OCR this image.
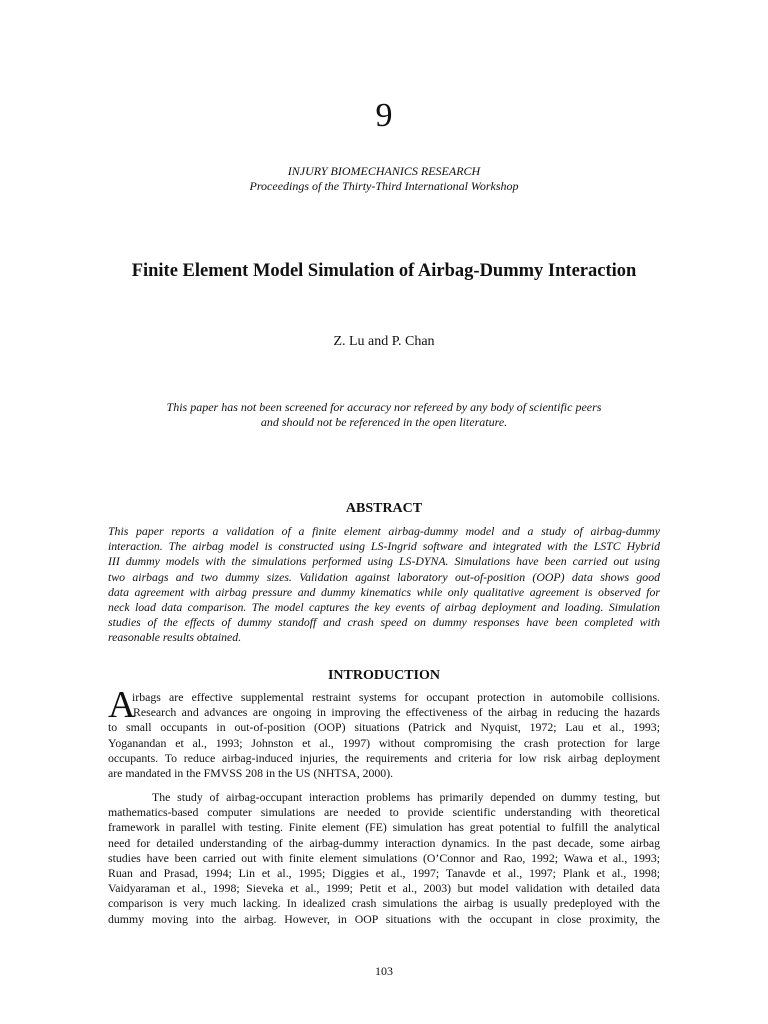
9
INJURY BIOMECHANICS RESEARCH
Proceedings of the Thirty-Third International Workshop
Finite Element Model Simulation of Airbag-Dummy Interaction
Z. Lu and P. Chan
This paper has not been screened for accuracy nor refereed by any body of scientific peers
and should not be referenced in the open literature.
ABSTRACT
This paper reports a validation of a finite element airbag-dummy model and a study of airbag-dummy
interaction. The airbag model is constructed using LS-Ingrid software and integrated with the LSTC Hybrid
III dummy models with the simulations performed using LS-DYNA. Simulations have been carried out using
two airbags and two dummy sizes. Validation against laboratory out-of-position (OOP) data shows good
data agreement with airbag pressure and dummy kinematics while only qualitative agreement is observed for
neck load data comparison. The model captures the key events of airbag deployment and loading. Simulation
studies of the effects of dummy standoff and crash speed on dummy responses have been completed with
reasonable results obtained.
INTRODUCTION
A
irbags are effective supplemental restraint systems for occupant protection in automobile collisions.
Research and advances are ongoing in improving the effectiveness of the airbag in reducing the hazards
to small occupants in out-of-position (OOP) situations (Patrick and Nyquist, 1972; Lau et al., 1993;
Yoganandan et al., 1993; Johnston et al., 1997) without compromising the crash protection for large
occupants. To reduce airbag-induced injuries, the requirements and criteria for low risk airbag deployment
are mandated in the FMVSS 208 in the US (NHTSA, 2000).
The study of airbag-occupant interaction problems has primarily depended on dummy testing, but
mathematics-based computer simulations are needed to provide scientific understanding with theoretical
framework in parallel with testing. Finite element (FE) simulation has great potential to fulfill the analytical
need for detailed understanding of the airbag-dummy interaction dynamics. In the past decade, some airbag
studies have been carried out with finite element simulations (O’Connor and Rao, 1992; Wawa et al., 1993;
Ruan and Prasad, 1994; Lin et al., 1995; Diggies et al., 1997; Tanavde et al., 1997; Plank et al., 1998;
Vaidyaraman et al., 1998; Sieveka et al., 1999; Petit et al., 2003) but model validation with detailed data
comparison is very much lacking. In idealized crash simulations the airbag is usually predeployed with the
dummy moving into the airbag. However, in OOP situations with the occupant in close proximity, the
103
